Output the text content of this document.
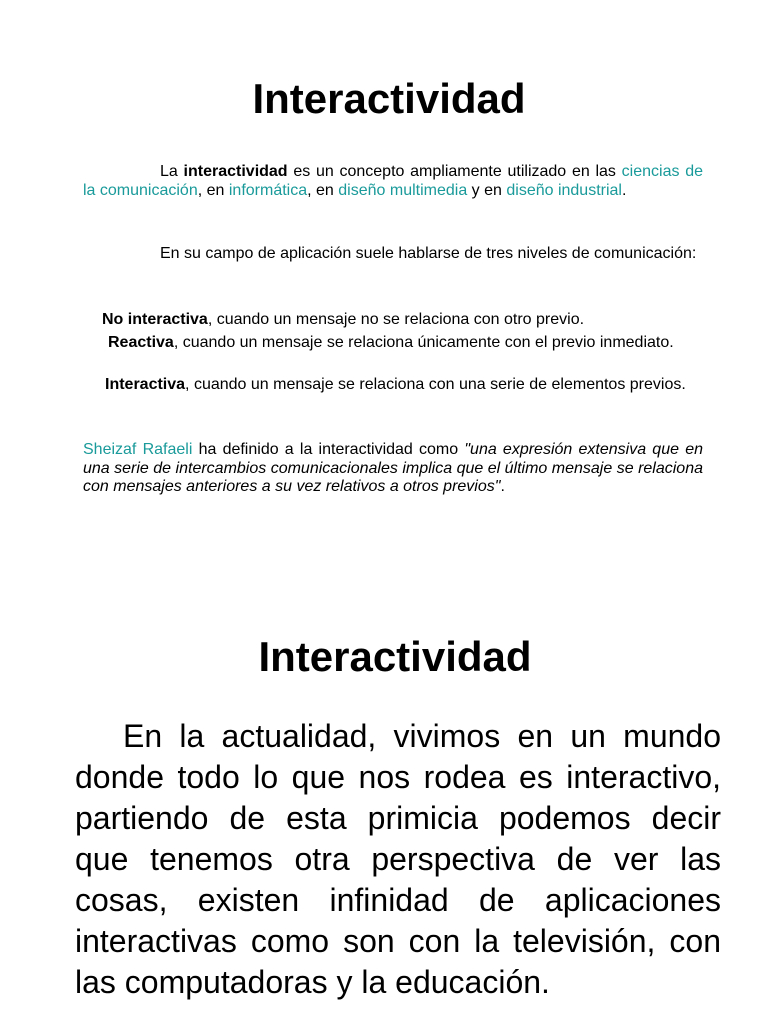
Interactividad

La interactividad es un concepto ampliamente utilizado en las ciencias de la comunicación, en informática, en diseño multimedia y en diseño industrial.

En su campo de aplicación suele hablarse de tres niveles de comunicación:

No interactiva, cuando un mensaje no se relaciona con otro previo.

Reactiva, cuando un mensaje se relaciona únicamente con el previo inmediato.

Interactiva, cuando un mensaje se relaciona con una serie de elementos previos.

Sheizaf Rafaeli ha definido a la interactividad como "una expresión extensiva que en una serie de intercambios comunicacionales implica que el último mensaje se relaciona con mensajes anteriores a su vez relativos a otros previos".

Interactividad

En la actualidad, vivimos en un mundo donde todo lo que nos rodea es interactivo, partiendo de esta primicia podemos decir que tenemos otra perspectiva de ver las cosas, existen infinidad de aplicaciones interactivas como son con la televisión, con las computadoras y la educación.
